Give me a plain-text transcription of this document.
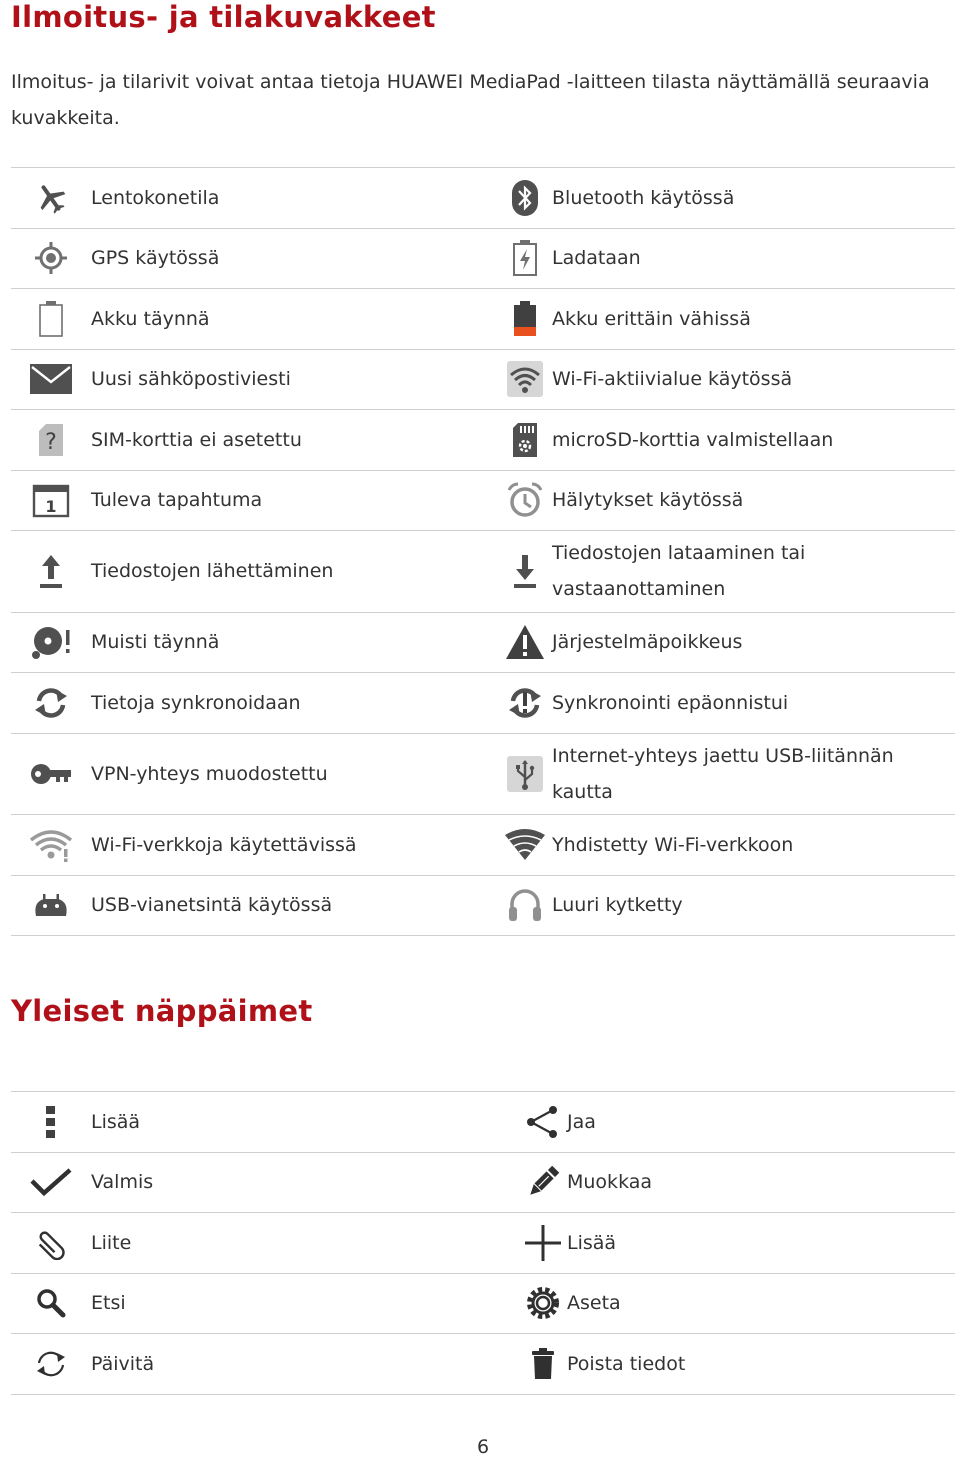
Ilmoitus- ja tilakuvakkeet

Ilmoitus- ja tilarivit voivat antaa tietoja HUAWEI MediaPad -laitteen tilasta näyttämällä seuraavia kuvakkeita.

	Lentokonetila		Bluetooth käytössä
	GPS käytössä		Ladataan
	Akku täynnä		Akku erittäin vähissä
	Uusi sähköpostiviesti		Wi-Fi-aktiivialue käytössä

?	SIM-korttia ei asetettu		microSD-korttia valmistellaan

1	Tuleva tapahtuma		Hälytykset käytössä
	Tiedostojen lähettäminen		Tiedostojen lataaminen tai vastaanottaminen
	Muisti täynnä		Järjestelmäpoikkeus
	Tietoja synkronoidaan		Synkronointi epäonnistui
	VPN-yhteys muodostettu		Internet-yhteys jaettu USB-liitännän kautta
	Wi-Fi-verkkoja käytettävissä		Yhdistetty Wi-Fi-verkkoon
	USB-vianetsintä käytössä		Luuri kytketty
Yleiset näppäimet
	Lisää		Jaa
	Valmis		Muokkaa
	Liite		Lisää
	Etsi		Aseta
	Päivitä		Poista tiedot
6
